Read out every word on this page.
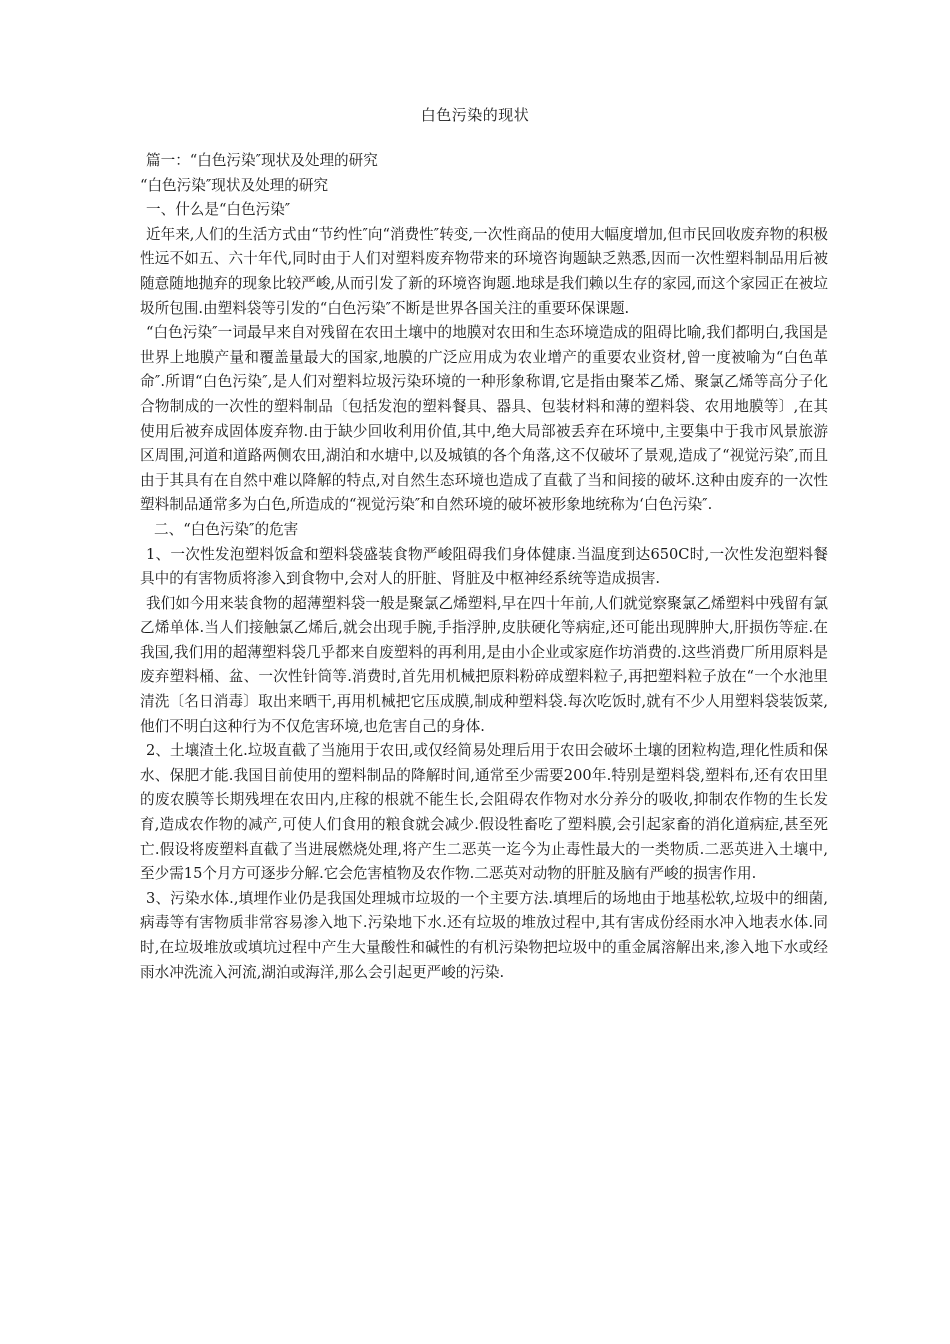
白色污染的现状

篇一：“白色污染″现状及处理的研究

“白色污染″现状及处理的研究

一、什么是“白色污染″

近年来,人们的生活方式由“节约性″向“消费性″转变,一次性商品的使用大幅度增加,但市民回收废弃物的积极性远不如五、六十年代,同时由于人们对塑料废弃物带来的环境咨询题缺乏熟悉,因而一次性塑料制品用后被随意随地抛弃的现象比较严峻,从而引发了新的环境咨询题.地球是我们赖以生存的家园,而这个家园正在被垃圾所包围.由塑料袋等引发的“白色污染″不断是世界各国关注的重要环保课题.

“白色污染″一词最早来自对残留在农田土壤中的地膜对农田和生态环境造成的阻碍比喻,我们都明白,我国是世界上地膜产量和覆盖量最大的国家,地膜的广泛应用成为农业增产的重要农业资材,曾一度被喻为“白色革命″.所谓“白色污染″,是人们对塑料垃圾污染环境的一种形象称谓,它是指由聚苯乙烯、聚氯乙烯等高分子化合物制成的一次性的塑料制品〔包括发泡的塑料餐具、器具、包装材料和薄的塑料袋、农用地膜等〕,在其使用后被弃成固体废弃物.由于缺少回收利用价值,其中,绝大局部被丢弃在环境中,主要集中于我市风景旅游区周围,河道和道路两侧农田,湖泊和水塘中,以及城镇的各个角落,这不仅破坏了景观,造成了“视觉污染″,而且由于其具有在自然中难以降解的特点,对自然生态环境也造成了直截了当和间接的破坏.这种由废弃的一次性塑料制品通常多为白色,所造成的“视觉污染″和自然环境的破坏被形象地统称为‘白色污染″.

二、“白色污染″的危害

1、一次性发泡塑料饭盒和塑料袋盛装食物严峻阻碍我们身体健康.当温度到达650C时,一次性发泡塑料餐具中的有害物质将渗入到食物中,会对人的肝脏、肾脏及中枢神经系统等造成损害.

我们如今用来装食物的超薄塑料袋一般是聚氯乙烯塑料,早在四十年前,人们就觉察聚氯乙烯塑料中残留有氯乙烯单体.当人们接触氯乙烯后,就会出现手腕,手指浮肿,皮肤硬化等病症,还可能出现脾肿大,肝损伤等症.在我国,我们用的超薄塑料袋几乎都来自废塑料的再利用,是由小企业或家庭作坊消费的.这些消费厂所用原料是废弃塑料桶、盆、一次性针筒等.消费时,首先用机械把原料粉碎成塑料粒子,再把塑料粒子放在“一个水池里清洗〔名日消毒〕取出来晒干,再用机械把它压成膜,制成种塑料袋.每次吃饭时,就有不少人用塑料袋装饭菜,他们不明白这种行为不仅危害环境,也危害自己的身体.

2、土壤渣土化.垃圾直截了当施用于农田,或仅经简易处理后用于农田会破坏土壤的团粒构造,理化性质和保水、保肥才能.我国目前使用的塑料制品的降解时间,通常至少需要200年.特别是塑料袋,塑料布,还有农田里的废农膜等长期残埋在农田内,庄稼的根就不能生长,会阻碍农作物对水分养分的吸收,抑制农作物的生长发育,造成农作物的减产,可使人们食用的粮食就会减少.假设牲畜吃了塑料膜,会引起家畜的消化道病症,甚至死亡.假设将废塑料直截了当进展燃烧处理,将产生二恶英一迄今为止毒性最大的一类物质.二恶英进入土壤中,至少需15个月方可逐步分解.它会危害植物及农作物.二恶英对动物的肝脏及脑有严峻的损害作用.

3、污染水体.,填埋作业仍是我国处理城市垃圾的一个主要方法.填埋后的场地由于地基松软,垃圾中的细菌,病毒等有害物质非常容易渗入地下.污染地下水.还有垃圾的堆放过程中,其有害成份经雨水冲入地表水体.同时,在垃圾堆放或填坑过程中产生大量酸性和碱性的有机污染物把垃圾中的重金属溶解出来,渗入地下水或经雨水冲洗流入河流,湖泊或海洋,那么会引起更严峻的污染.
